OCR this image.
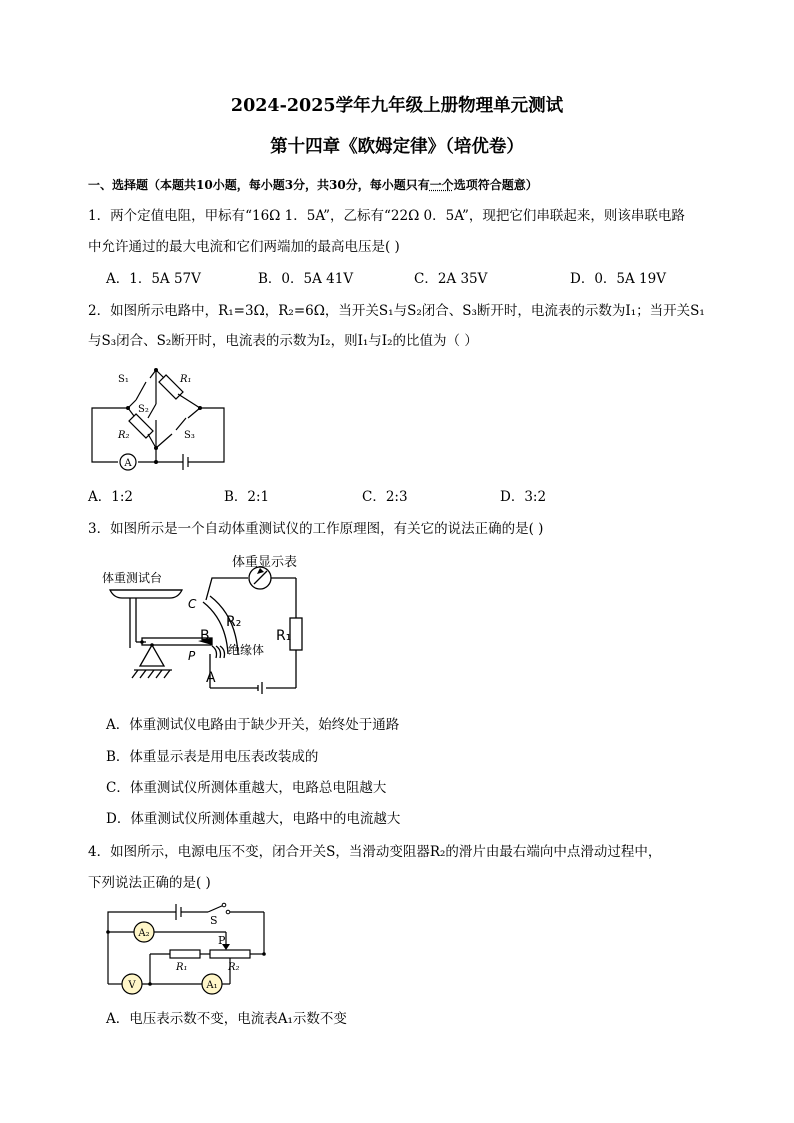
2024-2025学年九年级上册物理单元测试
第十四章《欧姆定律》（培优卷）
一、选择题（本题共10小题，每小题3分，共30分，每小题只有一个选项符合题意）
1．两个定值电阻，甲标有“16Ω 1．5A”，乙标有“22Ω 0．5A”，现把它们串联起来，则该串联电路
中允许通过的最大电流和它们两端加的最高电压是( )
A．1．5A 57V	B．0．5A 41V	C．2A 35V	D．0．5A 19V
2．如图所示电路中，R₁=3Ω，R₂=6Ω，当开关S₁与S₂闭合、S₃断开时，电流表的示数为I₁；当开关S₁
与S₃闭合、S₂断开时，电流表的示数为I₂，则I₁与I₂的比值为（ ）
A
S₁
S₂
S₃
R₁
R₂
A．1:2	B．2:1	C．2:3	D．3:2
3．如图所示是一个自动体重测试仪的工作原理图，有关它的说法正确的是( )
体重测试台
体重显示表
C
B
P
A
R₂
R₁
绝缘体
A．体重测试仪电路由于缺少开关，始终处于通路
B．体重显示表是用电压表改装成的
C．体重测试仪所测体重越大，电路总电阻越大
D．体重测试仪所测体重越大，电路中的电流越大
4．如图所示，电源电压不变，闭合开关S，当滑动变阻器R₂的滑片由最右端向中点滑动过程中，
下列说法正确的是( )
A₂
V	A₁
S
P
R₁	R₂
A．电压表示数不变，电流表A₁示数不变
